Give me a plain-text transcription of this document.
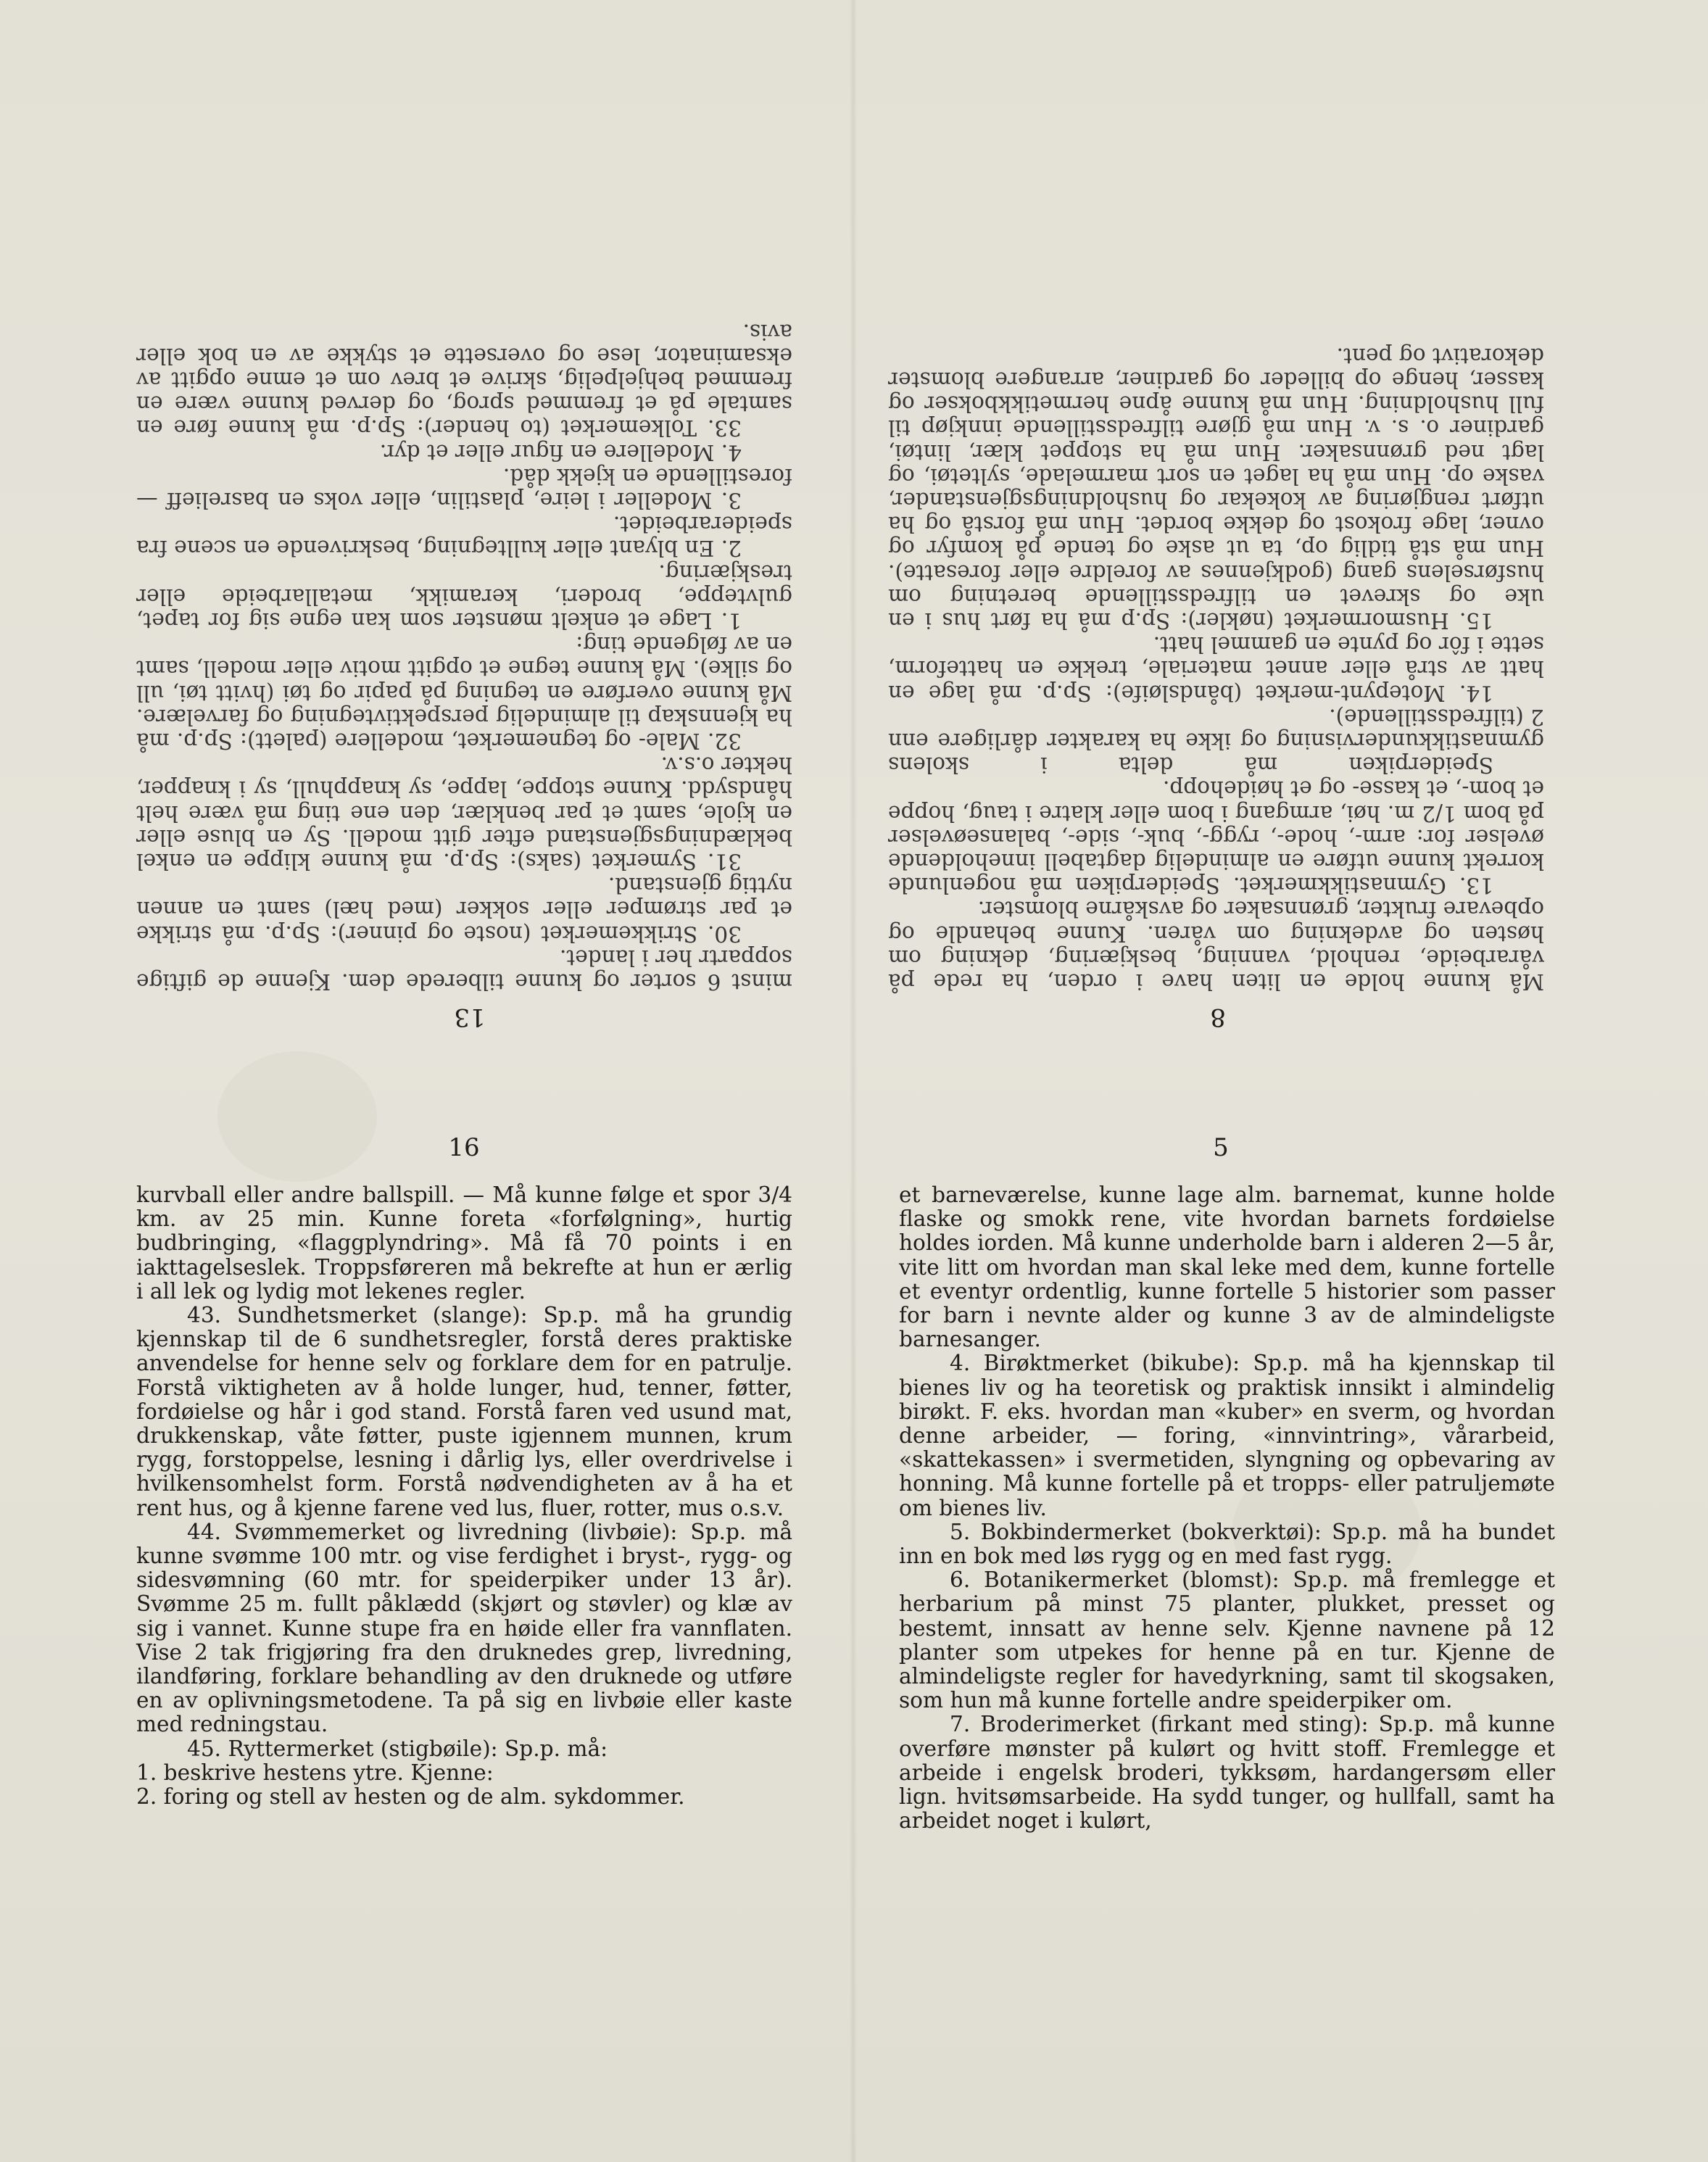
13	8
16	5

minst 6 sorter og kunne tilberede dem. Kjenne de giftige soppartr her i landet.

30. Strikkemerket (noste og pinner): Sp.p. må strikke et par strømper eller sokker (med hæl) samt en annen nyttig gjenstand.

31. Symerket (saks): Sp.p. må kunne klippe en enkel beklædningsgjenstand efter gitt modell. Sy en bluse eller en kjole, samt et par benklær, den ene ting må være helt håndsydd. Kunne stoppe, lappe, sy knapphull, sy i knapper, hekter o.s.v.

32. Male- og tegnemerket, modellere (palett): Sp.p. må ha kjennskap til almindelig perspektivtegning og farvelære. Må kunne overføre en tegning på papir og tøi (hvitt tøi, ull og silke). Må kunne tegne et opgitt motiv eller modell, samt en av følgende ting:

1. Lage et enkelt mønster som kan egne sig for tapet, gulvteppe, broderi, keramikk, metallarbeide eller treskjæring.

2. En blyant eller kulltegning, beskrivende en scene fra speiderarbeidet.

3. Modeller i leire, plastilin, eller voks en basrelieff — forestillende en kjekk dåd.

4. Modellere en figur eller et dyr.

33. Tolkemerket (to hender): Sp.p. må kunne føre en samtale på et fremmed sprog, og derved kunne være en fremmed behjelpelig, skrive et brev om et emne opgitt av eksaminator, lese og oversette et stykke av en bok eller avis.

Må kunne holde en liten have i orden, ha rede på vårarbeide, renhold, vanning, beskjæring, dekning om høsten og avdekning om våren. Kunne behandle og opbevare frukter, grønnsaker og avskårne blomster.

13. Gymnastikkmerket. Speiderpiken må nogenlunde korrekt kunne utføre en almindelig dagtabell inneholdende øvelser for: arm-, hode-, rygg-, buk-, side-, balanseøvelser på bom 1/2 m. høi, armgang i bom eller klatre i taug, hoppe et bom-, et kasse- og et høidehopp.

Speiderpiken må delta i skolens gymnastikkundervisning og ikke ha karakter dårligere enn 2 (tilfredsstillende).

14. Motepynt-merket (båndsløife): Sp.p. må lage en hatt av strå eller annet materiale, trekke en hatteform, sette i fôr og pynte en gammel hatt.

15. Husmormerket (nøkler): Sp.p må ha ført hus i en uke og skrevet en tilfredsstillende beretning om husførselens gang (godkjennes av foreldre eller foresatte). Hun må stå tidlig op, ta ut aske og tende på komfyr og ovner, lage frokost og dekke bordet. Hun må forstå og ha utført rengjøring av kokekar og husholdningsgjenstander, vaske op. Hun må ha laget en sort marmelade, syltetøi, og lagt ned grønnsaker. Hun må ha stoppet klær, lintøi, gardiner o. s. v. Hun må gjøre tilfredsstillende innkjøp til full husholdning. Hun må kunne åpne hermetikkbokser og kasser, henge op billeder og gardiner, arrangere blomster dekorativt og pent.

kurvball eller andre ballspill. — Må kunne følge et spor 3/4 km. av 25 min. Kunne foreta «forfølgning», hurtig budbringing, «flaggplyndring». Må få 70 points i en iakttagelseslek. Troppsføreren må bekrefte at hun er ærlig i all lek og lydig mot lekenes regler.

43. Sundhetsmerket (slange): Sp.p. må ha grundig kjennskap til de 6 sundhetsregler, forstå deres praktiske anvendelse for henne selv og forklare dem for en patrulje. Forstå viktigheten av å holde lunger, hud, tenner, føtter, fordøielse og hår i god stand. Forstå faren ved usund mat, drukkenskap, våte føtter, puste igjennem munnen, krum rygg, forstoppelse, lesning i dårlig lys, eller overdrivelse i hvilkensomhelst form. Forstå nødvendigheten av å ha et rent hus, og å kjenne farene ved lus, fluer, rotter, mus o.s.v.

44. Svømmemerket og livredning (livbøie): Sp.p. må kunne svømme 100 mtr. og vise ferdighet i bryst-, rygg- og sidesvømning (60 mtr. for speiderpiker under 13 år). Svømme 25 m. fullt påklædd (skjørt og støvler) og klæ av sig i vannet. Kunne stupe fra en høide eller fra vannflaten. Vise 2 tak frigjøring fra den druknedes grep, livredning, ilandføring, forklare behandling av den druknede og utføre en av oplivningsmetodene. Ta på sig en livbøie eller kaste med redningstau.

45. Ryttermerket (stigbøile): Sp.p. må:

1. beskrive hestens ytre. Kjenne:

2. foring og stell av hesten og de alm. sykdommer.

et barneværelse, kunne lage alm. barnemat, kunne holde flaske og smokk rene, vite hvordan barnets fordøielse holdes iorden. Må kunne underholde barn i alderen 2—5 år, vite litt om hvordan man skal leke med dem, kunne fortelle et eventyr ordentlig, kunne fortelle 5 historier som passer for barn i nevnte alder og kunne 3 av de almindeligste barnesanger.

4. Birøktmerket (bikube): Sp.p. må ha kjennskap til bienes liv og ha teoretisk og praktisk innsikt i almindelig birøkt. F. eks. hvordan man «kuber» en sverm, og hvordan denne arbeider, — foring, «innvintring», vårarbeid, «skattekassen» i svermetiden, slyngning og opbevaring av honning. Må kunne fortelle på et tropps- eller patruljemøte om bienes liv.

5. Bokbindermerket (bokverktøi): Sp.p. må ha bundet inn en bok med løs rygg og en med fast rygg.

6. Botanikermerket (blomst): Sp.p. må fremlegge et herbarium på minst 75 planter, plukket, presset og bestemt, innsatt av henne selv. Kjenne navnene på 12 planter som utpekes for henne på en tur. Kjenne de almindeligste regler for havedyrkning, samt til skogsaken, som hun må kunne fortelle andre speiderpiker om.

7. Broderimerket (firkant med sting): Sp.p. må kunne overføre mønster på kulørt og hvitt stoff. Fremlegge et arbeide i engelsk broderi, tykksøm, hardangersøm eller lign. hvitsømsarbeide. Ha sydd tunger, og hullfall, samt ha arbeidet noget i kulørt,
